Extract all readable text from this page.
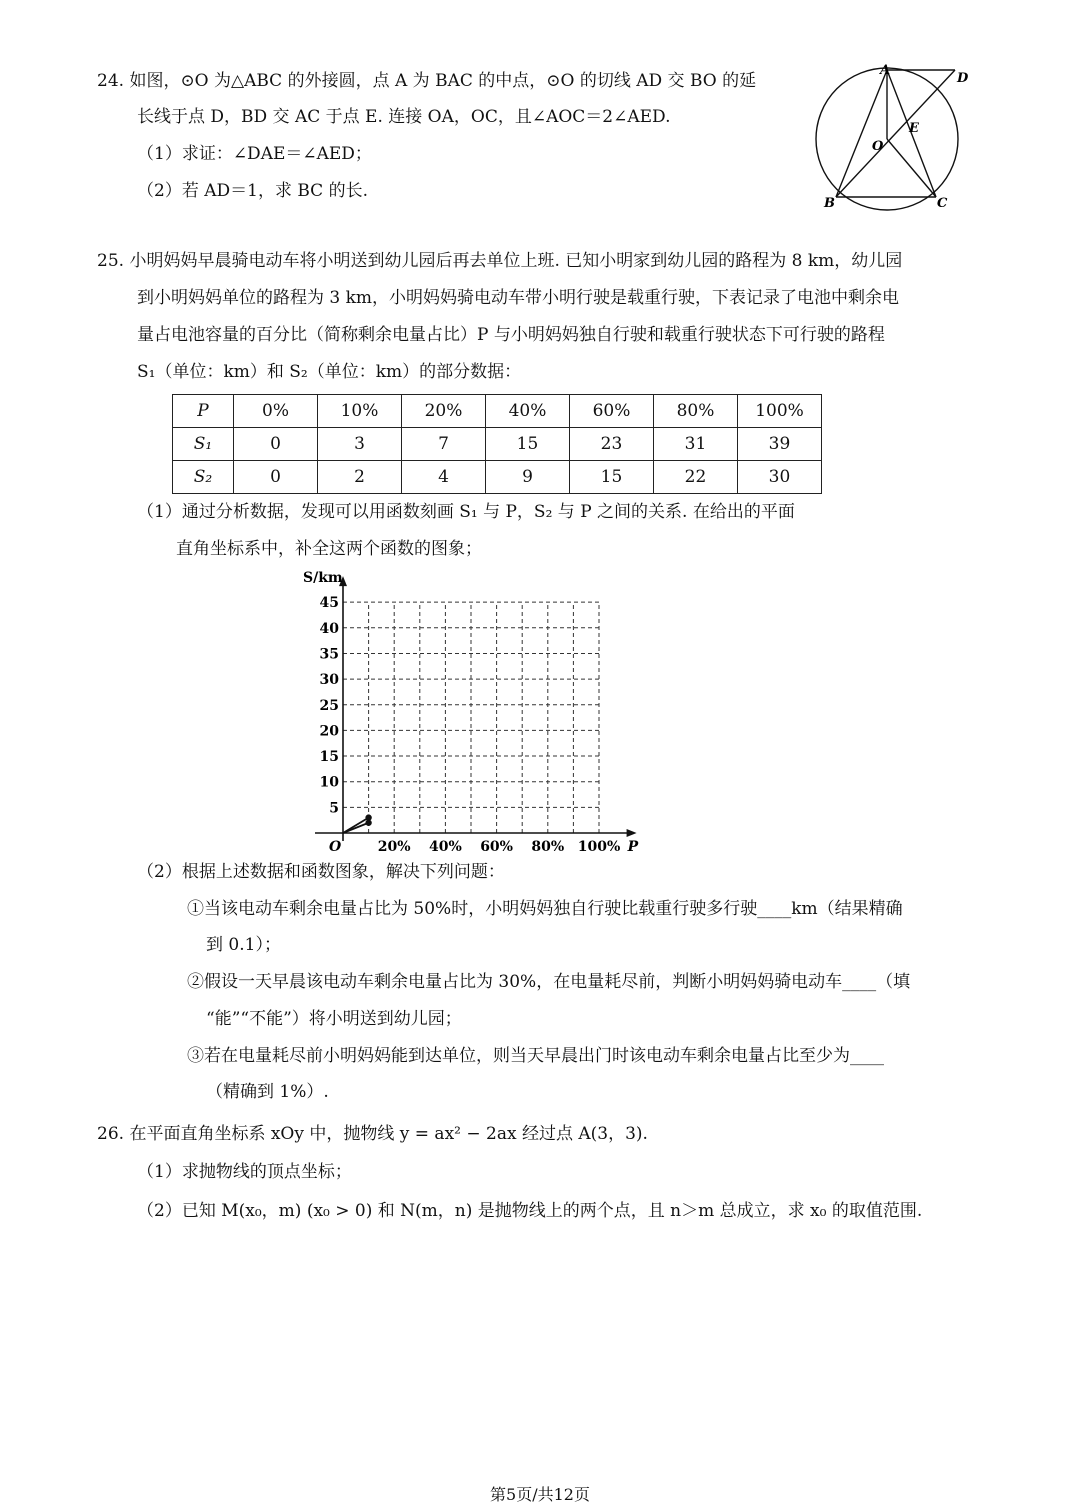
24. 如图，⊙O 为△ABC 的外接圆，点 A 为 BAC 的中点，⊙O 的切线 AD 交 BO 的延
长线于点 D，BD 交 AC 于点 E. 连接 OA，OC，且∠AOC＝2∠AED.
（1）求证：∠DAE＝∠AED；
（2）若 AD＝1，求 BC 的长.
A
D
E
O
B	C
25. 小明妈妈早晨骑电动车将小明送到幼儿园后再去单位上班. 已知小明家到幼儿园的路程为 8 km，幼儿园
到小明妈妈单位的路程为 3 km，小明妈妈骑电动车带小明行驶是载重行驶，下表记录了电池中剩余电
量占电池容量的百分比（简称剩余电量占比）P 与小明妈妈独自行驶和载重行驶状态下可行驶的路程
S₁（单位：km）和 S₂（单位：km）的部分数据：
P	0%	10%	20%	40%	60%	80%	100%
S₁	0	3	7	15	23	31	39
S₂	0	2	4	9	15	22	30
（1）通过分析数据，发现可以用函数刻画 S₁ 与 P，S₂ 与 P 之间的关系. 在给出的平面
直角坐标系中，补全这两个函数的图象；
5
10
15
20
25
30
35
40
45
20% 40% 60% 80% 100%
O	P
S/km
（2）根据上述数据和函数图象，解决下列问题：
①当该电动车剩余电量占比为 50%时，小明妈妈独自行驶比载重行驶多行驶____km（结果精确
到 0.1）；
②假设一天早晨该电动车剩余电量占比为 30%，在电量耗尽前，判断小明妈妈骑电动车____（填
“能”“不能”）将小明送到幼儿园；
③若在电量耗尽前小明妈妈能到达单位，则当天早晨出门时该电动车剩余电量占比至少为____
（精确到 1%）.
26. 在平面直角坐标系 xOy 中，抛物线 y = ax² − 2ax 经过点 A(3，3).
（1）求抛物线的顶点坐标；
（2）已知 M(x₀，m) (x₀ > 0) 和 N(m，n) 是抛物线上的两个点，且 n＞m 总成立，求 x₀ 的取值范围.
第5页/共12页
